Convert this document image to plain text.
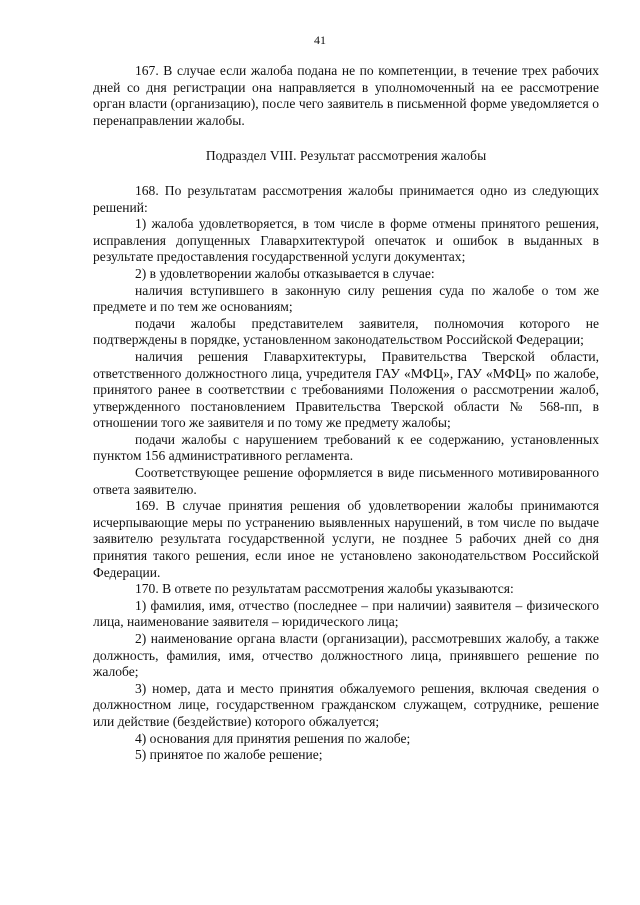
41

167. В случае если жалоба подана не по компетенции, в течение трех рабочих дней со дня регистрации она направляется в уполномоченный на ее рассмотрение орган власти (организацию), после чего заявитель в письменной форме уведомляется о перенаправлении жалобы.

Подраздел VIII. Результат рассмотрения жалобы

168. По результатам рассмотрения жалобы принимается одно из следующих решений:

1) жалоба удовлетворяется, в том числе в форме отмены принятого решения, исправления допущенных Главархитектурой опечаток и ошибок в выданных в результате предоставления государственной услуги документах;

2) в удовлетворении жалобы отказывается в случае:

наличия вступившего в законную силу решения суда по жалобе о том же предмете и по тем же основаниям;

подачи жалобы представителем заявителя, полномочия которого не подтверждены в порядке, установленном законодательством Российской Федерации;

наличия решения Главархитектуры, Правительства Тверской области, ответственного должностного лица, учредителя ГАУ «МФЦ», ГАУ «МФЦ» по жалобе, принятого ранее в соответствии с требованиями Положения о рассмотрении жалоб, утвержденного постановлением Правительства Тверской области № 568-пп, в отношении того же заявителя и по тому же предмету жалобы;

подачи жалобы с нарушением требований к ее содержанию, установленных пунктом 156 административного регламента.

Соответствующее решение оформляется в виде письменного мотивированного ответа заявителю.

169. В случае принятия решения об удовлетворении жалобы принимаются исчерпывающие меры по устранению выявленных нарушений, в том числе по выдаче заявителю результата государственной услуги, не позднее 5 рабочих дней со дня принятия такого решения, если иное не установлено законодательством Российской Федерации.

170. В ответе по результатам рассмотрения жалобы указываются:

1) фамилия, имя, отчество (последнее – при наличии) заявителя – физического лица, наименование заявителя – юридического лица;

2) наименование органа власти (организации), рассмотревших жалобу, а также должность, фамилия, имя, отчество должностного лица, принявшего решение по жалобе;

3) номер, дата и место принятия обжалуемого решения, включая сведения о должностном лице, государственном гражданском служащем, сотруднике, решение или действие (бездействие) которого обжалуется;

4) основания для принятия решения по жалобе;

5) принятое по жалобе решение;
